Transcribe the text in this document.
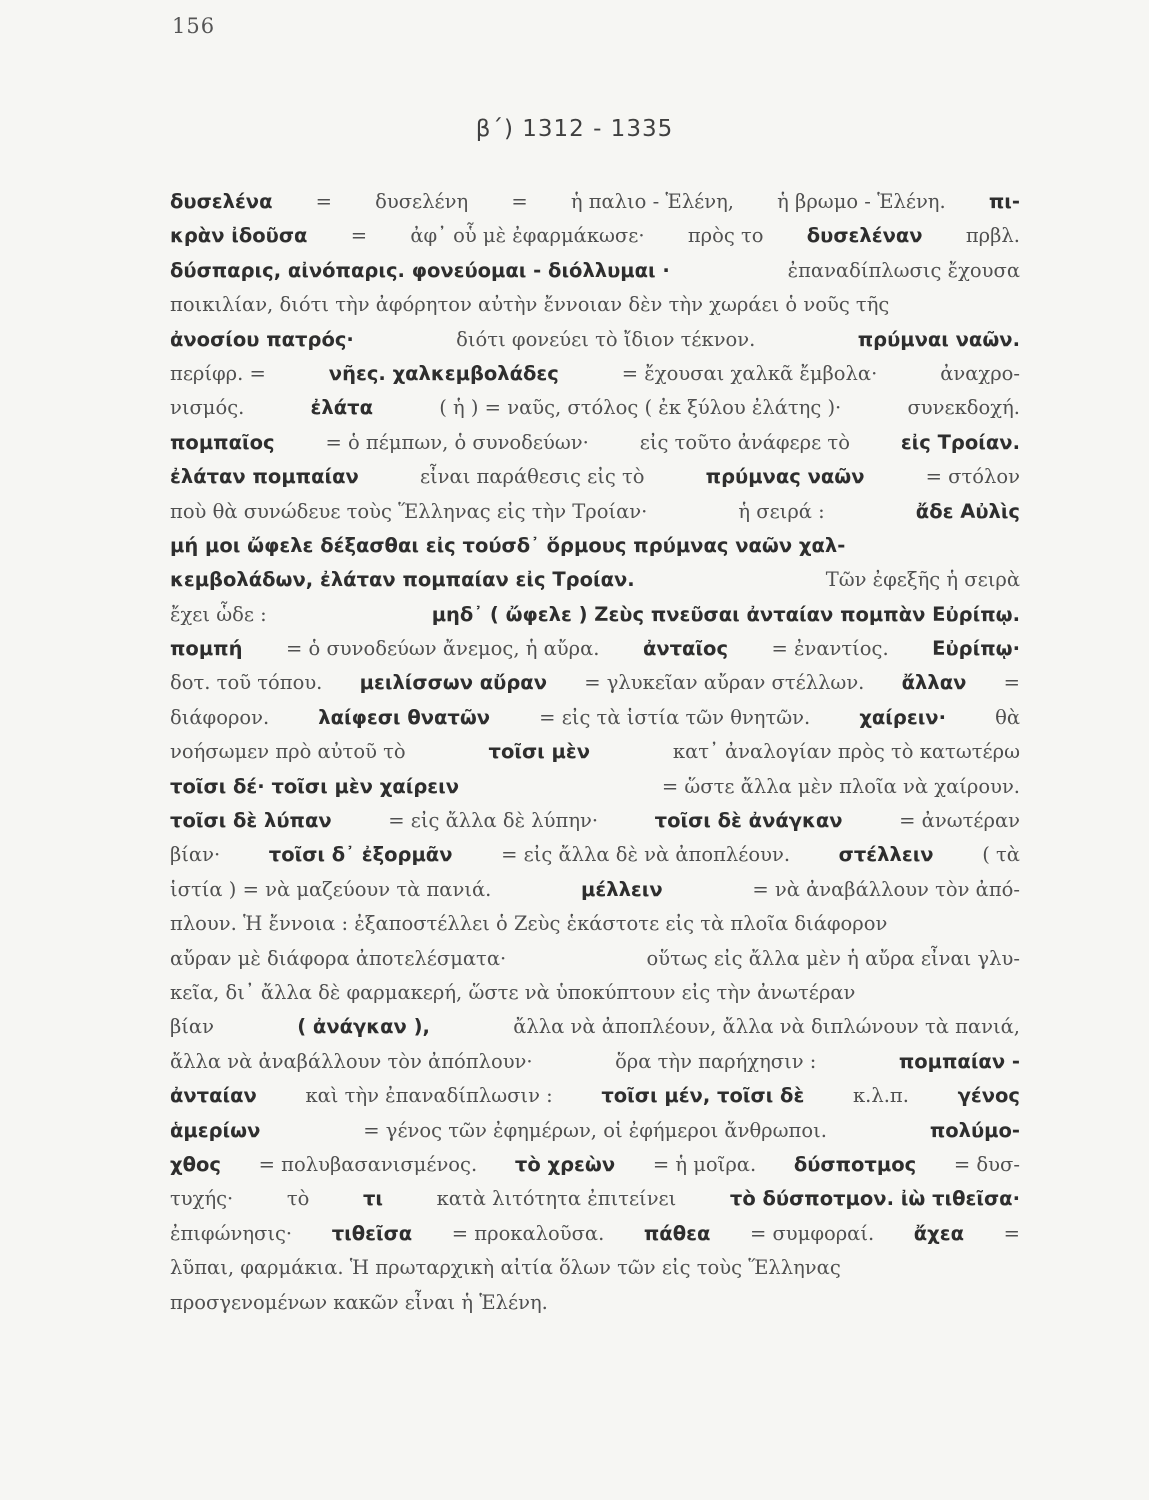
156
β΄) 1312 - 1335
δυσελένα = δυσελένη = ἡ παλιο - Ἑλένη, ἡ βρωμο - Ἑλένη. πι-
κρὰν ἰδοῦσα = ἀφ᾽ οὗ μὲ ἐφαρμάκωσε· πρὸς το δυσελέναν πρβλ.
δύσπαρις, αἰνόπαρις. φονεύομαι - διόλλυμαι ·	ἐπαναδίπλωσις ἔχουσα
ποικιλίαν, διότι τὴν ἀφόρητον αὐτὴν ἔννοιαν δὲν τὴν χωράει ὁ νοῦς τῆς
ἀνοσίου πατρός·	διότι φονεύει τὸ ἴδιον τέκνον.	πρύμναι ναῶν.
περίφρ. =	νῆες. χαλκεμβολάδες	= ἔχουσαι χαλκᾶ ἔμβολα·	ἀναχρο-
νισμός.	ἐλάτα	( ἡ ) = ναῦς, στόλος ( ἐκ ξύλου ἐλάτης )·	συνεκδοχή.
πομπαῖος	= ὁ πέμπων, ὁ συνοδεύων·	εἰς τοῦτο ἀνάφερε τὸ	εἰς Τροίαν.
ἐλάταν πομπαίαν	εἶναι παράθεσις εἰς τὸ	πρύμνας ναῶν	= στόλον
ποὺ θὰ συνώδευε τοὺς Ἕλληνας εἰς τὴν Τροίαν·	ἡ σειρά :	ἄδε Αὐλὶς
μή μοι ὤφελε δέξασθαι εἰς τούσδ᾽ ὅρμους πρύμνας ναῶν χαλ-
κεμβολάδων, ἐλάταν πομπαίαν εἰς Τροίαν.	Τῶν ἐφεξῆς ἡ σειρὰ
ἔχει ὧδε :	μηδ᾽ ( ὤφελε ) Ζεὺς πνεῦσαι ἀνταίαν πομπὰν Εὐρίπῳ.
πομπή = ὁ συνοδεύων ἄνεμος, ἡ αὔρα. ἀνταῖος = ἐναντίος. Εὐρίπῳ·
δοτ. τοῦ τόπου. μειλίσσων αὔραν = γλυκεῖαν αὔραν στέλλων. ἄλλαν =
διάφορον.	λαίφεσι θνατῶν	= εἰς τὰ ἱστία τῶν θνητῶν.	χαίρειν·	θὰ
νοήσωμεν πρὸ αὐτοῦ τὸ	τοῖσι μὲν	κατ᾽ ἀναλογίαν πρὸς τὸ κατωτέρω
τοῖσι δέ· τοῖσι μὲν χαίρειν	= ὥστε ἄλλα μὲν πλοῖα νὰ χαίρουν.
τοῖσι δὲ λύπαν	= εἰς ἄλλα δὲ λύπην·	τοῖσι δὲ ἀνάγκαν	= ἀνωτέραν
βίαν· τοῖσι δ᾽ ἐξορμᾶν = εἰς ἄλλα δὲ νὰ ἀποπλέουν. στέλλειν ( τὰ
ἱστία ) = νὰ μαζεύουν τὰ πανιά.	μέλλειν	= νὰ ἀναβάλλουν τὸν ἀπό-
πλουν. Ἡ ἔννοια : ἐξαποστέλλει ὁ Ζεὺς ἑκάστοτε εἰς τὰ πλοῖα διάφορον
αὔραν μὲ διάφορα ἀποτελέσματα·	οὕτως εἰς ἄλλα μὲν ἡ αὔρα εἶναι γλυ-
κεῖα, δι᾽ ἄλλα δὲ φαρμακερή, ὥστε νὰ ὑποκύπτουν εἰς τὴν ἀνωτέραν
βίαν	( ἀνάγκαν ),	ἄλλα νὰ ἀποπλέουν, ἄλλα νὰ διπλώνουν τὰ πανιά,
ἄλλα νὰ ἀναβάλλουν τὸν ἀπόπλουν·	ὅρα τὴν παρήχησιν :	πομπαίαν -
ἀνταίαν καὶ τὴν ἐπαναδίπλωσιν : τοῖσι μέν, τοῖσι δὲ κ.λ.π. γένος
ἁμερίων	= γένος τῶν ἐφημέρων, οἱ ἐφήμεροι ἄνθρωποι.	πολύμο-
χθος = πολυβασανισμένος. τὸ χρεὼν = ἡ μοῖρα. δύσποτμος = δυσ-
τυχής·	τὸ	τι	κατὰ λιτότητα ἐπιτείνει	τὸ δύσποτμον. ἰὼ τιθεῖσα·
ἐπιφώνησις· τιθεῖσα = προκαλοῦσα. πάθεα = συμφοραί. ἄχεα =
λῦπαι, φαρμάκια. Ἡ πρωταρχικὴ αἰτία ὅλων τῶν εἰς τοὺς Ἕλληνας
προσγενομένων κακῶν εἶναι ἡ Ἑλένη.
